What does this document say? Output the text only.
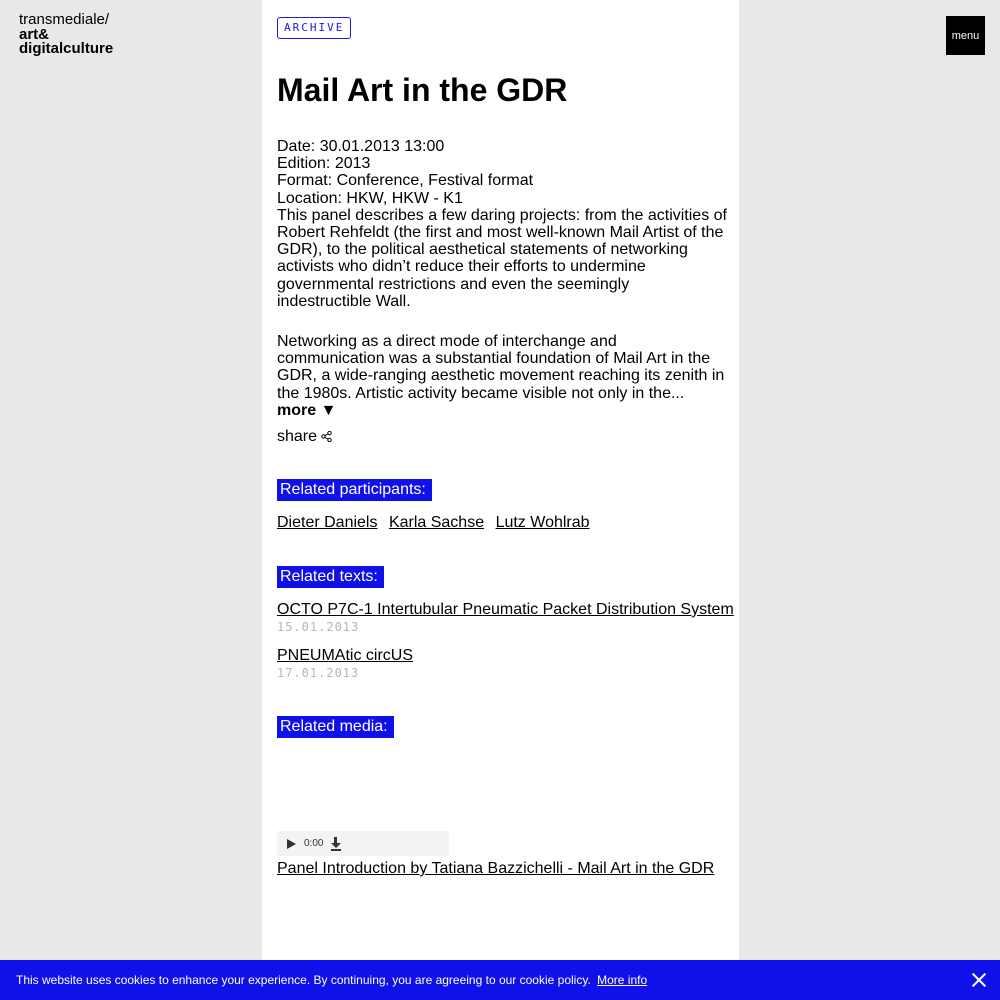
transmediale/
art&
digitalculture
menu
ARCHIVE
Mail Art in the GDR

Date: 30.01.2013 13:00

Edition: 2013

Format: Conference, Festival format

Location: HKW, HKW - K1

This panel describes a few daring projects: from the activities of Robert Rehfeldt (the first and most well-known Mail Artist of the GDR), to the political aesthetical statements of networking activists who didn’t reduce their efforts to undermine governmental restrictions and even the seemingly indestructible Wall.

Networking as a direct mode of interchange and communication was a substantial foundation of Mail Art in the GDR, a wide-ranging aesthetic movement reaching its zenith in the 1980s. Artistic activity became visible not only in the...

more ▼

share
Related participants:
Dieter Daniels Karla Sachse Lutz Wohlrab
Related texts:
OCTO P7C-1 Intertubular Pneumatic Packet Distribution System
15.01.2013
PNEUMAtic circUS
17.01.2013
Related media:
0:00
Panel Introduction by Tatiana Bazzichelli - Mail Art in the GDR
This website uses cookies to enhance your experience. By continuing, you are agreeing to our cookie policy. More info
